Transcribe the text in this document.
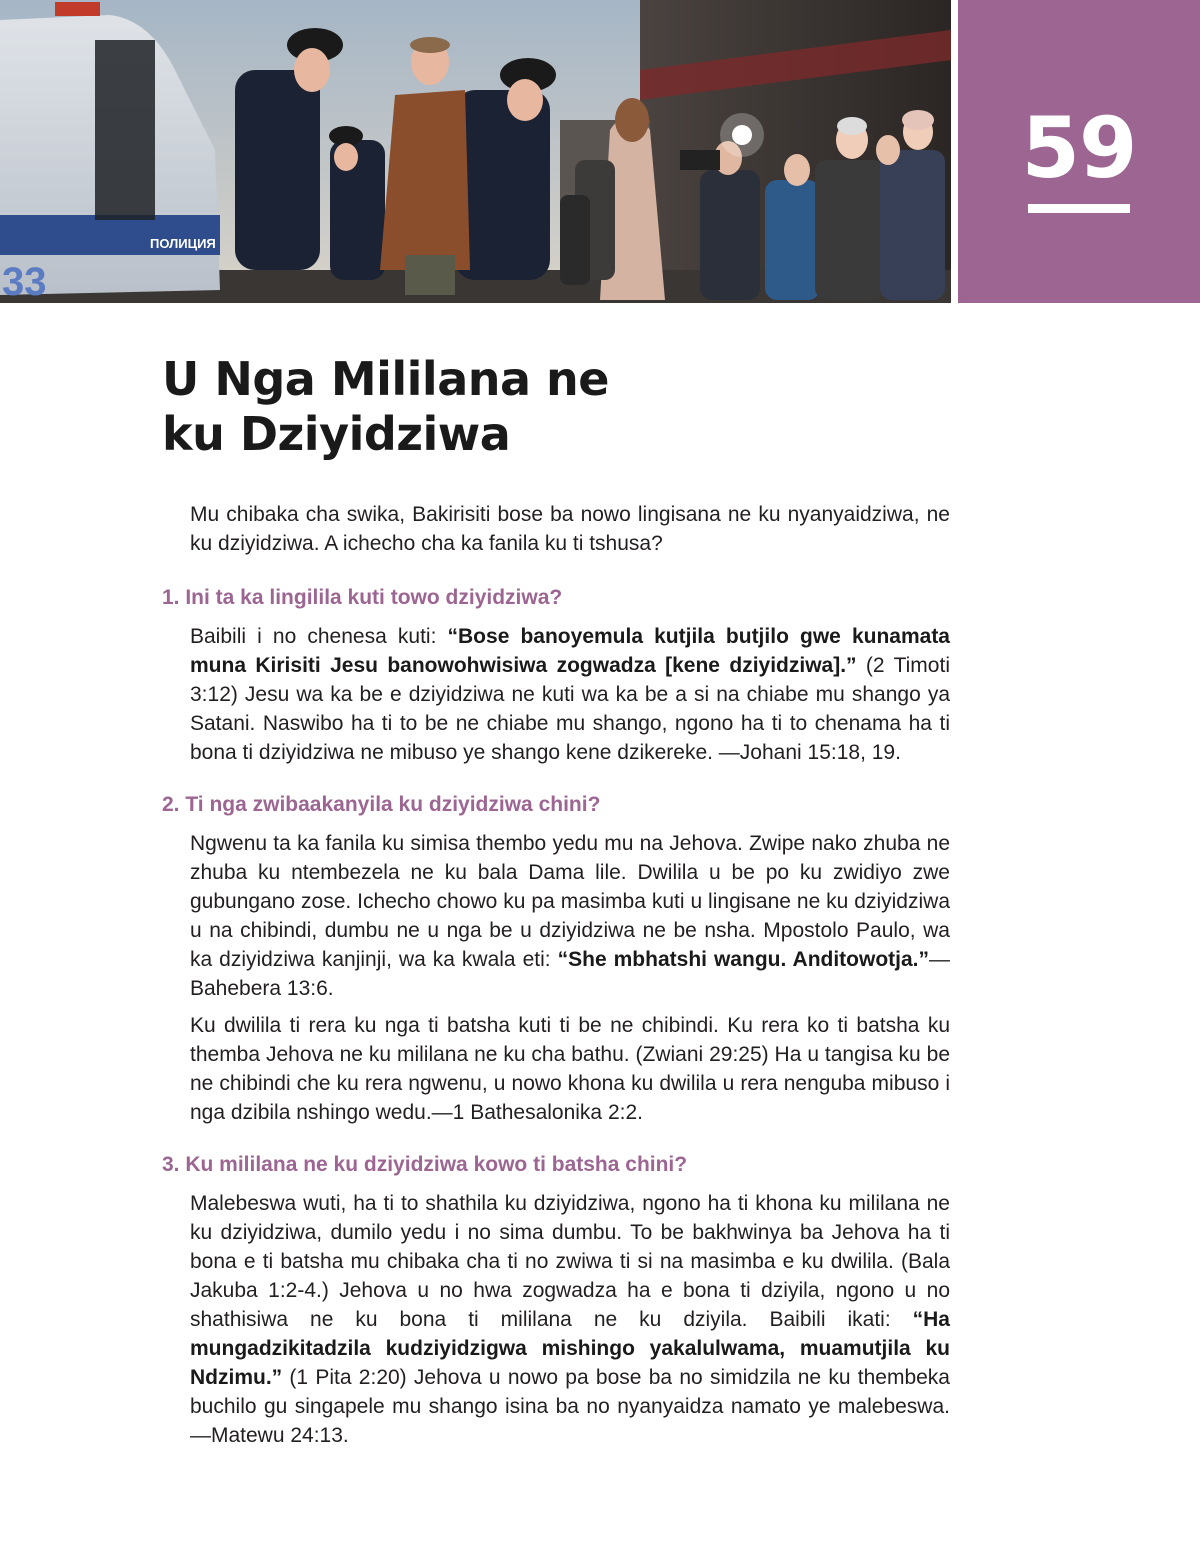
ПОЛИЦИЯ
33
59
U Nga Mililana ne
ku Dziyidziwa

Mu chibaka cha swika, Bakirisiti bose ba nowo lingisana ne ku nyanyaidziwa, ne ku dziyidziwa. A ichecho cha ka fanila ku ti tshusa?

1. Ini ta ka lingilila kuti towo dziyidziwa?

Baibili i no chenesa kuti: “Bose banoyemula kutjila butjilo gwe kunamata muna Kirisiti Jesu banowohwisiwa zogwadza [kene dziyidziwa].” (2 Timoti 3:12) Jesu wa ka be e dziyidziwa ne kuti wa ka be a si na chiabe mu shango ya Satani. Naswibo ha ti to be ne chiabe mu shango, ngono ha ti to chenama ha ti bona ti dziyidziwa ne mibuso ye shango kene dzikereke. —Johani 15:18, 19.

2. Ti nga zwibaakanyila ku dziyidziwa chini?

Ngwenu ta ka fanila ku simisa thembo yedu mu na Jehova. Zwipe nako zhuba ne zhuba ku ntembezela ne ku bala Dama lile. Dwilila u be po ku zwidiyo zwe gubungano zose. Ichecho chowo ku pa masimba kuti u lingisane ne ku dziyidziwa u na chibindi, dumbu ne u nga be u dziyidziwa ne be nsha. Mpostolo Paulo, wa ka dziyidziwa kanjinji, wa ka kwala eti: “She mbhatshi wangu. Anditowotja.”—Bahebera 13:6.

Ku dwilila ti rera ku nga ti batsha kuti ti be ne chibindi. Ku rera ko ti batsha ku themba Jehova ne ku mililana ne ku cha bathu. (Zwiani 29:25) Ha u tangisa ku be ne chibindi che ku rera ngwenu, u nowo khona ku dwilila u rera nenguba mibuso i nga dzibila nshingo wedu.—1 Bathesalonika 2:2.

3. Ku mililana ne ku dziyidziwa kowo ti batsha chini?

Malebeswa wuti, ha ti to shathila ku dziyidziwa, ngono ha ti khona ku mililana ne ku dziyidziwa, dumilo yedu i no sima dumbu. To be bakhwinya ba Jehova ha ti bona e ti batsha mu chibaka cha ti no zwiwa ti si na masimba e ku dwilila. (Bala Jakuba 1:2-4.) Jehova u no hwa zogwadza ha e bona ti dziyila, ngono u no shathisiwa ne ku bona ti mililana ne ku dziyila. Baibili ikati: “Ha mungadzikitadzila kudziyidzigwa mishingo yakalulwama, muamutjila ku Ndzimu.” (1 Pita 2:20) Jehova u nowo pa bose ba no simidzila ne ku thembeka buchilo gu singapele mu shango isina ba no nyanyaidza namato ye malebeswa.—Matewu 24:13.
